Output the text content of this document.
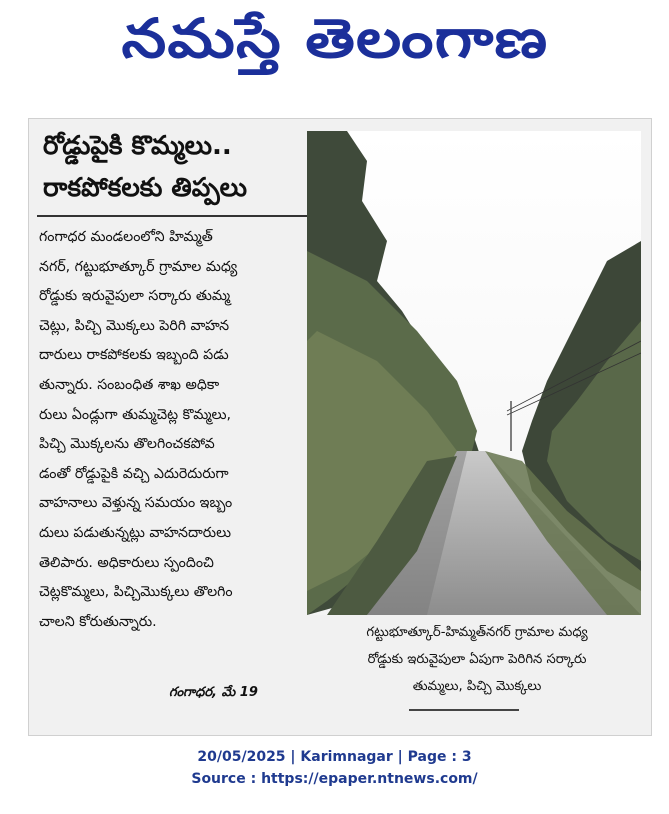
నమస్తే తెలంగాణ
రోడ్డుపైకి కొమ్మలు..
రాకపోకలకు తిప్పలు
గంగాధర మండలంలోని హిమ్మత్
నగర్, గట్టుభూత్కూర్ గ్రామాల మధ్య
రోడ్డుకు ఇరువైపులా సర్కారు తుమ్మ
చెట్లు, పిచ్చి మొక్కలు పెరిగి వాహన
దారులు రాకపోకలకు ఇబ్బంది పడు
తున్నారు. సంబంధిత శాఖ అధికా
రులు ఏండ్లుగా తుమ్మచెట్ల కొమ్మలు,
పిచ్చి మొక్కలను తొలగించకపోవ
డంతో రోడ్డుపైకి వచ్చి ఎదురెదురుగా
వాహనాలు వెళ్తున్న సమయం ఇబ్బం
దులు పడుతున్నట్లు వాహనదారులు
తెలిపారు. అధికారులు స్పందించి
చెట్లకొమ్మలు, పిచ్చిమొక్కలు తొలగిం
చాలని కోరుతున్నారు.
గంగాధర, మే 19
గట్టుభూత్కూర్‌-హిమ్మత్‌నగర్ గ్రామాల మధ్య
రోడ్డుకు ఇరువైపులా ఏపుగా పెరిగిన సర్కారు
తుమ్మలు, పిచ్చి మొక్కలు
20/05/2025 | Karimnagar | Page : 3
Source : https://epaper.ntnews.com/
